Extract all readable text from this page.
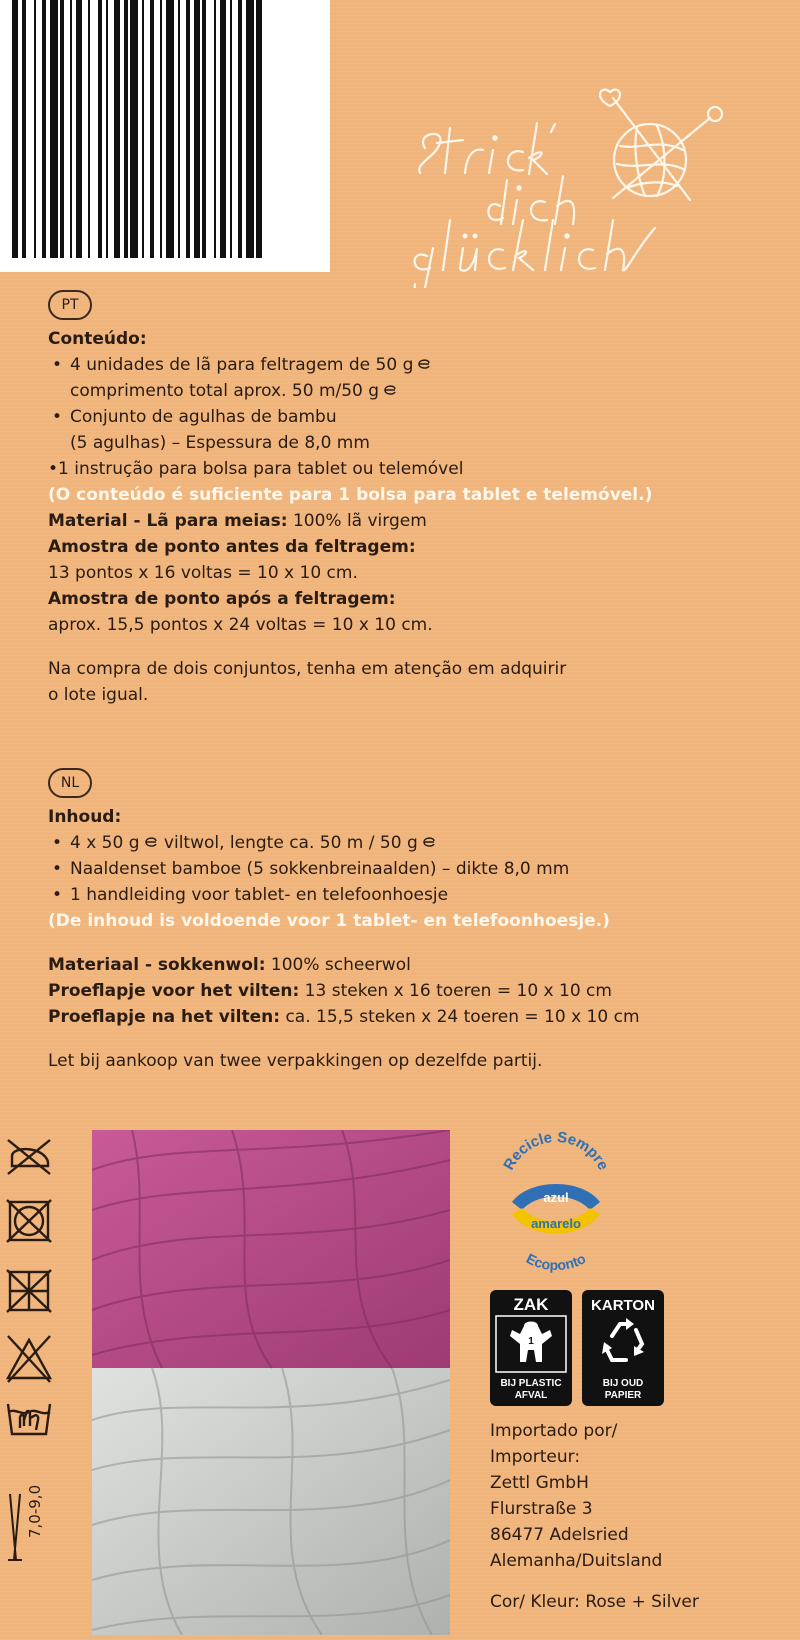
PT
Conteúdo:
• 4 unidades de lã para feltragem de 50 g
comprimento total aprox. 50 m/50 g
• Conjunto de agulhas de bambu
(5 agulhas) – Espessura de 8,0 mm
• 1 instrução para bolsa para tablet ou telemóvel
(O conteúdo é suficiente para 1 bolsa para tablet e telemóvel.)
Material - Lã para meias: 100% lã virgem
Amostra de ponto antes da feltragem:
13 pontos x 16 voltas = 10 x 10 cm.
Amostra de ponto após a feltragem:
aprox. 15,5 pontos x 24 voltas = 10 x 10 cm.
Na compra de dois conjuntos, tenha em atenção em adquirir
o lote igual.
NL
Inhoud:
• 4 x 50 g viltwol, lengte ca. 50 m / 50 g
• Naaldenset bamboe (5 sokkenbreinaalden) – dikte 8,0 mm
• 1 handleiding voor tablet- en telefoonhoesje
(De inhoud is voldoende voor 1 tablet- en telefoonhoesje.)
Materiaal - sokkenwol: 100% scheerwol
Proeflapje voor het vilten: 13 steken x 16 toeren = 10 x 10 cm
Proeflapje na het vilten: ca. 15,5 steken x 24 toeren = 10 x 10 cm
Let bij aankoop van twee verpakkingen op dezelfde partij.
7,0-9,0
Recicle Sempre
azul
amarelo
Ecoponto
ZAK
1
BIJ PLASTIC
AFVAL
KARTON
BIJ OUD
PAPIER
Importado por/
Importeur:
Zettl GmbH
Flurstraße 3
86477 Adelsried
Alemanha/Duitsland
Cor/ Kleur: Rose + Silver
